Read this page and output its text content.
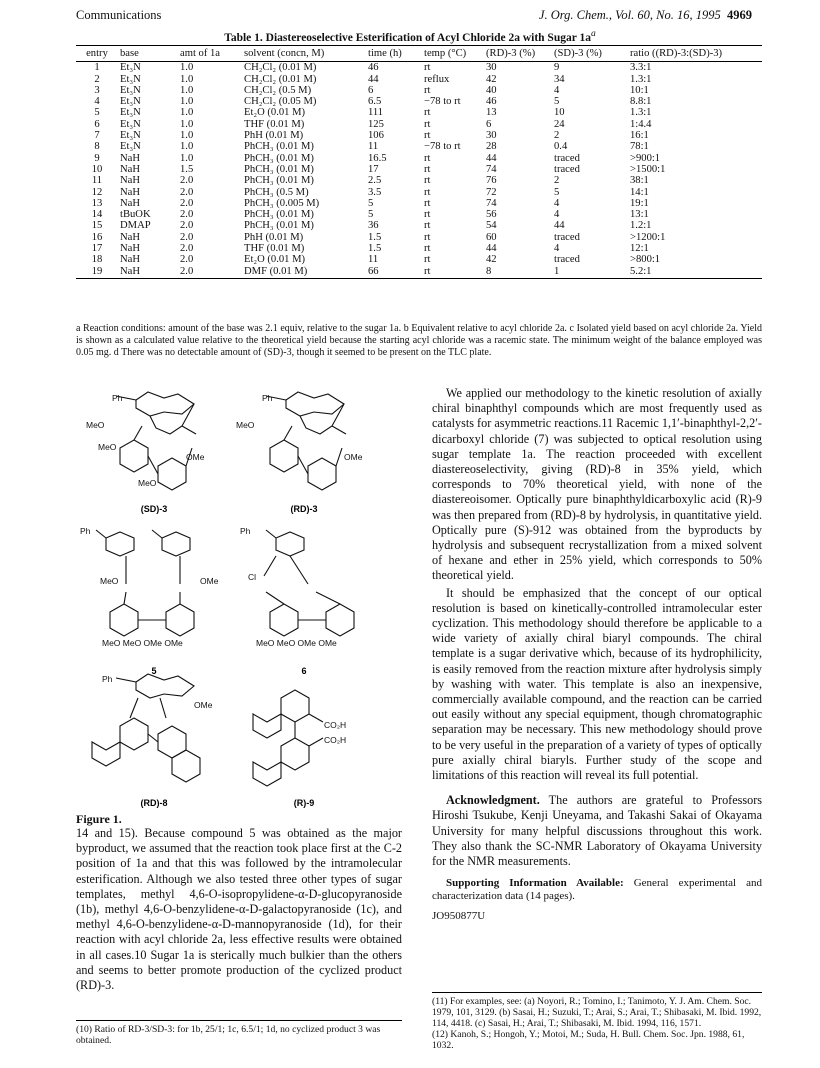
Communications	J. Org. Chem., Vol. 60, No. 16, 1995 4969
Table 1. Diastereoselective Esterification of Acyl Chloride 2a with Sugar $1a^a$
entry	base	amt of 1a	solvent (concn, M)	time (h)	temp (°C)	(RD)-3 (%)	(SD)-3 (%)	ratio ((RD)-3:(SD)-3)
1	Et₃N	1.0	CH₂Cl₂ (0.01 M)	46	rt	30	9	3.3:1
2	Et₃N	1.0	CH₂Cl₂ (0.01 M)	44	reflux	42	34	1.3:1
3	Et₃N	1.0	CH₂Cl₂ (0.5 M)	6	rt	40	4	10:1
4	Et₃N	1.0	CH₂Cl₂ (0.05 M)	6.5	−78 to rt	46	5	8.8:1
5	Et₃N	1.0	Et₂O (0.01 M)	111	rt	13	10	1.3:1
6	Et₃N	1.0	THF (0.01 M)	125	rt	6	24	1:4.4
7	Et₃N	1.0	PhH (0.01 M)	106	rt	30	2	16:1
8	Et₃N	1.0	PhCH₃ (0.01 M)	11	−78 to rt	28	0.4	78:1
9	NaH	1.0	PhCH₃ (0.01 M)	16.5	rt	44	traced	>900:1
10	NaH	1.5	PhCH₃ (0.01 M)	17	rt	74	traced	>1500:1
11	NaH	2.0	PhCH₃ (0.01 M)	2.5	rt	76	2	38:1
12	NaH	2.0	PhCH₃ (0.5 M)	3.5	rt	72	5	14:1
13	NaH	2.0	PhCH₃ (0.005 M)	5	rt	74	4	19:1
14	tBuOK	2.0	PhCH₃ (0.01 M)	5	rt	56	4	13:1
15	DMAP	2.0	PhCH₃ (0.01 M)	36	rt	54	44	1.2:1
16	NaH	2.0	PhH (0.01 M)	1.5	rt	60	traced	>1200:1
17	NaH	2.0	THF (0.01 M)	1.5	rt	44	4	12:1
18	NaH	2.0	Et₂O (0.01 M)	11	rt	42	traced	>800:1
19	NaH	2.0	DMF (0.01 M)	66	rt	8	1	5.2:1
a Reaction conditions: amount of the base was 2.1 equiv, relative to the sugar 1a. b Equivalent relative to acyl chloride 2a. c Isolated yield based on acyl chloride 2a. Yield is shown as a calculated value relative to the theoretical yield because the starting acyl chloride was a racemic state. The minimum weight of the balance employed was 0.05 mg. d There was no detectable amount of (SD)-3, though it seemed to be present on the TLC plate.
Ph
MeO
MeO
OMe
MeO
Ph
MeO
OMe
Ph
MeO	OMe
MeO MeO OMe OMe
Ph
Cl
MeO MeO OMe OMe
Ph
OMe
CO₂H
CO₂H
(SD)-3	(RD)-3
5	6
(RD)-8	(R)-9
Figure 1.
14 and 15). Because compound 5 was obtained as the major byproduct, we assumed that the reaction took place first at the C-2 position of 1a and that this was followed by the intramolecular esterification. Although we also tested three other types of sugar templates, methyl 4,6-O-isopropylidene-α-D-glucopyranoside (1b), methyl 4,6-O-benzylidene-α-D-galactopyranoside (1c), and methyl 4,6-O-benzylidene-α-D-mannopyranoside (1d), for their reaction with acyl chloride 2a, less effective results were obtained in all cases.10 Sugar 1a is sterically much bulkier than the others and seems to better promote production of the cyclized product (RD)-3.
(10) Ratio of RD-3/SD-3: for 1b, 25/1; 1c, 6.5/1; 1d, no cyclized product 3 was obtained.

We applied our methodology to the kinetic resolution of axially chiral binaphthyl compounds which are most frequently used as catalysts for asymmetric reactions.11 Racemic 1,1′-binaphthyl-2,2′-dicarboxyl chloride (7) was subjected to optical resolution using sugar template 1a. The reaction proceeded with excellent diastereoselectivity, giving (RD)-8 in 35% yield, which corresponds to 70% theoretical yield, with none of the diastereoisomer. Optically pure binaphthyldicarboxylic acid (R)-9 was then prepared from (RD)-8 by hydrolysis, in quantitative yield. Optically pure (S)-912 was obtained from the byproducts by hydrolysis and subsequent recrystallization from a mixed solvent of hexane and ether in 25% yield, which corresponds to 50% theoretical yield.

It should be emphasized that the concept of our optical resolution is based on kinetically-controlled intramolecular ester cyclization. This methodology should therefore be applicable to a wide variety of axially chiral biaryl compounds. The chiral template is a sugar derivative which, because of its hydrophilicity, is easily removed from the reaction mixture after hydrolysis simply by washing with water. This template is also an inexpensive, commercially available compound, and the reaction can be carried out easily without any special equipment, though chromatographic separation may be necessary. This new methodology should prove to be very useful in the preparation of a variety of types of optically pure axially chiral biaryls. Further study of the scope and limitations of this reaction will reveal its full potential.

Acknowledgment. The authors are grateful to Professors Hiroshi Tsukube, Kenji Uneyama, and Takashi Sakai of Okayama University for many helpful discussions throughout this work. They also thank the SC-NMR Laboratory of Okayama University for the NMR measurements.

Supporting Information Available: General experimental and characterization data (14 pages).

JO950877U

(11) For examples, see: (a) Noyori, R.; Tomino, I.; Tanimoto, Y. J. Am. Chem. Soc. 1979, 101, 3129. (b) Sasai, H.; Suzuki, T.; Arai, S.; Arai, T.; Shibasaki, M. Ibid. 1992, 114, 4418. (c) Sasai, H.; Arai, T.; Shibasaki, M. Ibid. 1994, 116, 1571.
(12) Kanoh, S.; Hongoh, Y.; Motoi, M.; Suda, H. Bull. Chem. Soc. Jpn. 1988, 61, 1032.
